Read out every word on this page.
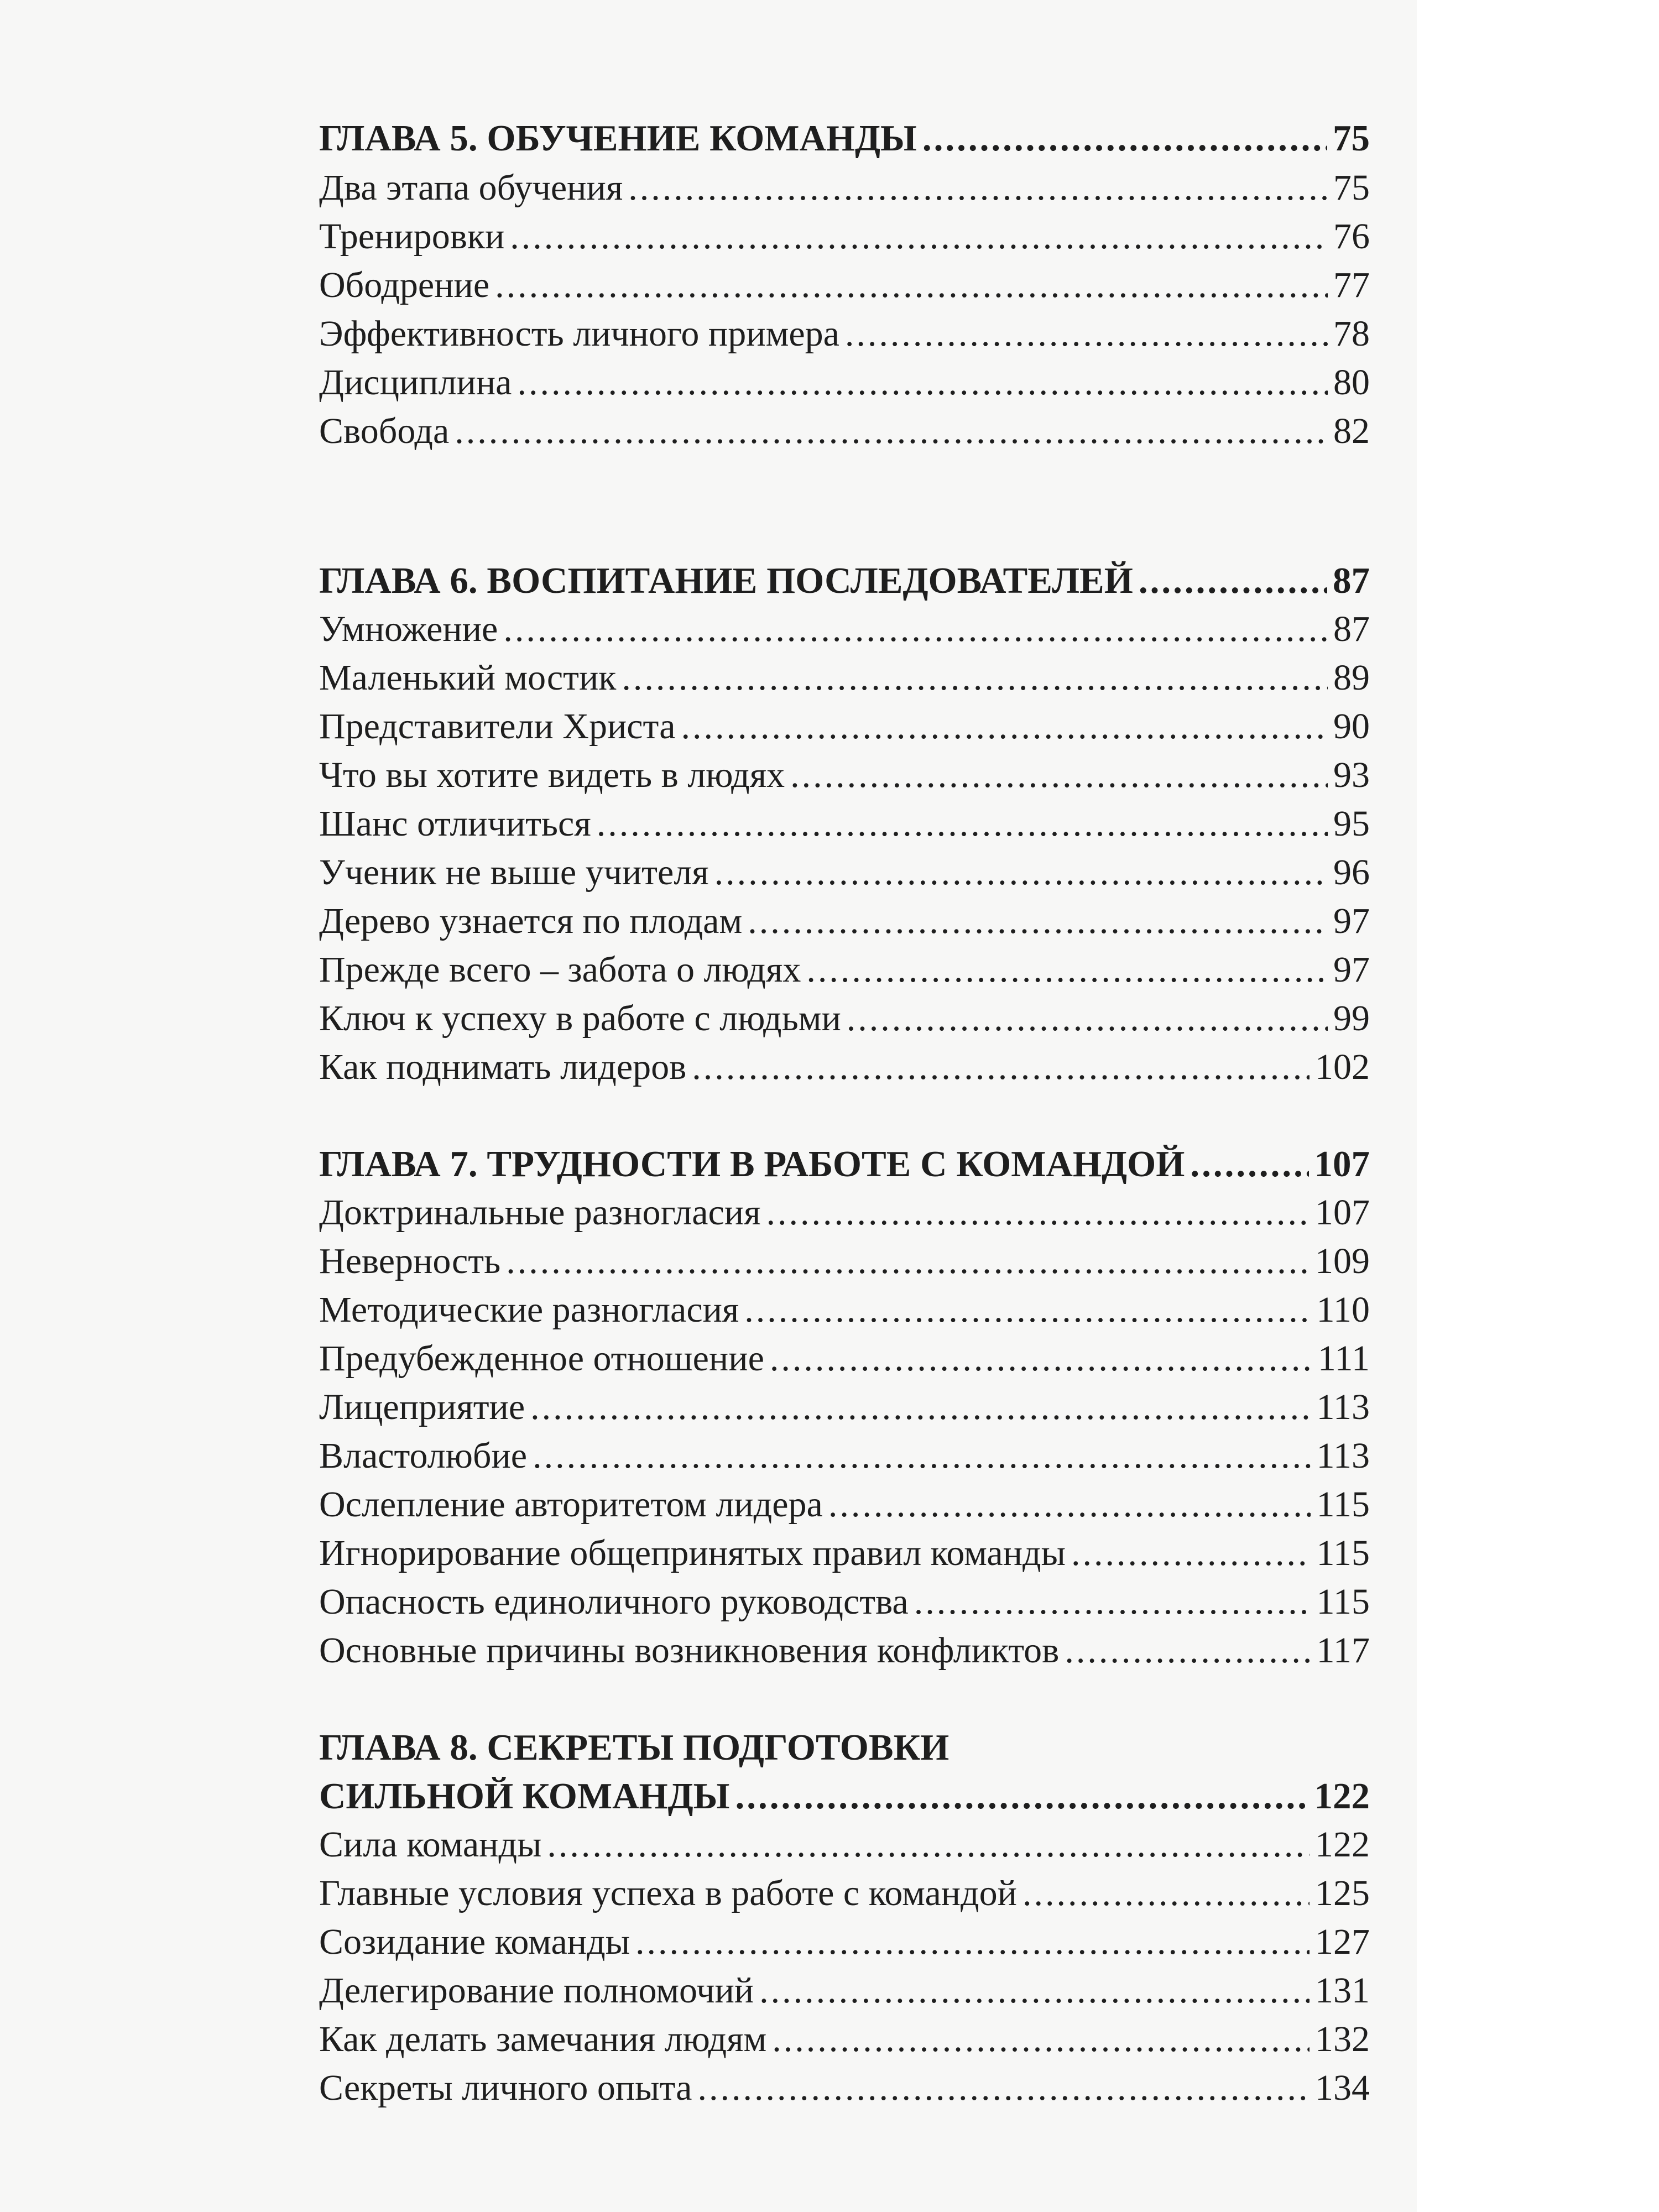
ГЛАВА 5. ОБУЧЕНИЕ КОМАНДЫ .....	75
Два этапа обучения .....	75
Тренировки .....	76
Ободрение .....	77
Эффективность личного примера .....	78
Дисциплина .....	80
Свобода .....	82
ГЛАВА 6. ВОСПИТАНИЕ ПОСЛЕДОВАТЕЛЕЙ .....	87
Умножение .....	87
Маленький мостик .....	89
Представители Христа .....	90
Что вы хотите видеть в людях .....	93
Шанс отличиться .....	95
Ученик не выше учителя .....	96
Дерево узнается по плодам .....	97
Прежде всего – забота о людях .....	97
Ключ к успеху в работе с людьми .....	99
Как поднимать лидеров .....	102
ГЛАВА 7. ТРУДНОСТИ В РАБОТЕ С КОМАНДОЙ .....	107
Доктринальные разногласия .....	107
Неверность .....	109
Методические разногласия .....	110
Предубежденное отношение .....	111
Лицеприятие .....	113
Властолюбие .....	113
Ослепление авторитетом лидера .....	115
Игнорирование общепринятых правил команды .....	115
Опасность единоличного руководства .....	115
Основные причины возникновения конфликтов .....	117
ГЛАВА 8. СЕКРЕТЫ ПОДГОТОВКИ
СИЛЬНОЙ КОМАНДЫ .....	122
Сила команды .....	122
Главные условия успеха в работе с командой .....	125
Созидание команды .....	127
Делегирование полномочий .....	131
Как делать замечания людям .....	132
Секреты личного опыта .....	134
